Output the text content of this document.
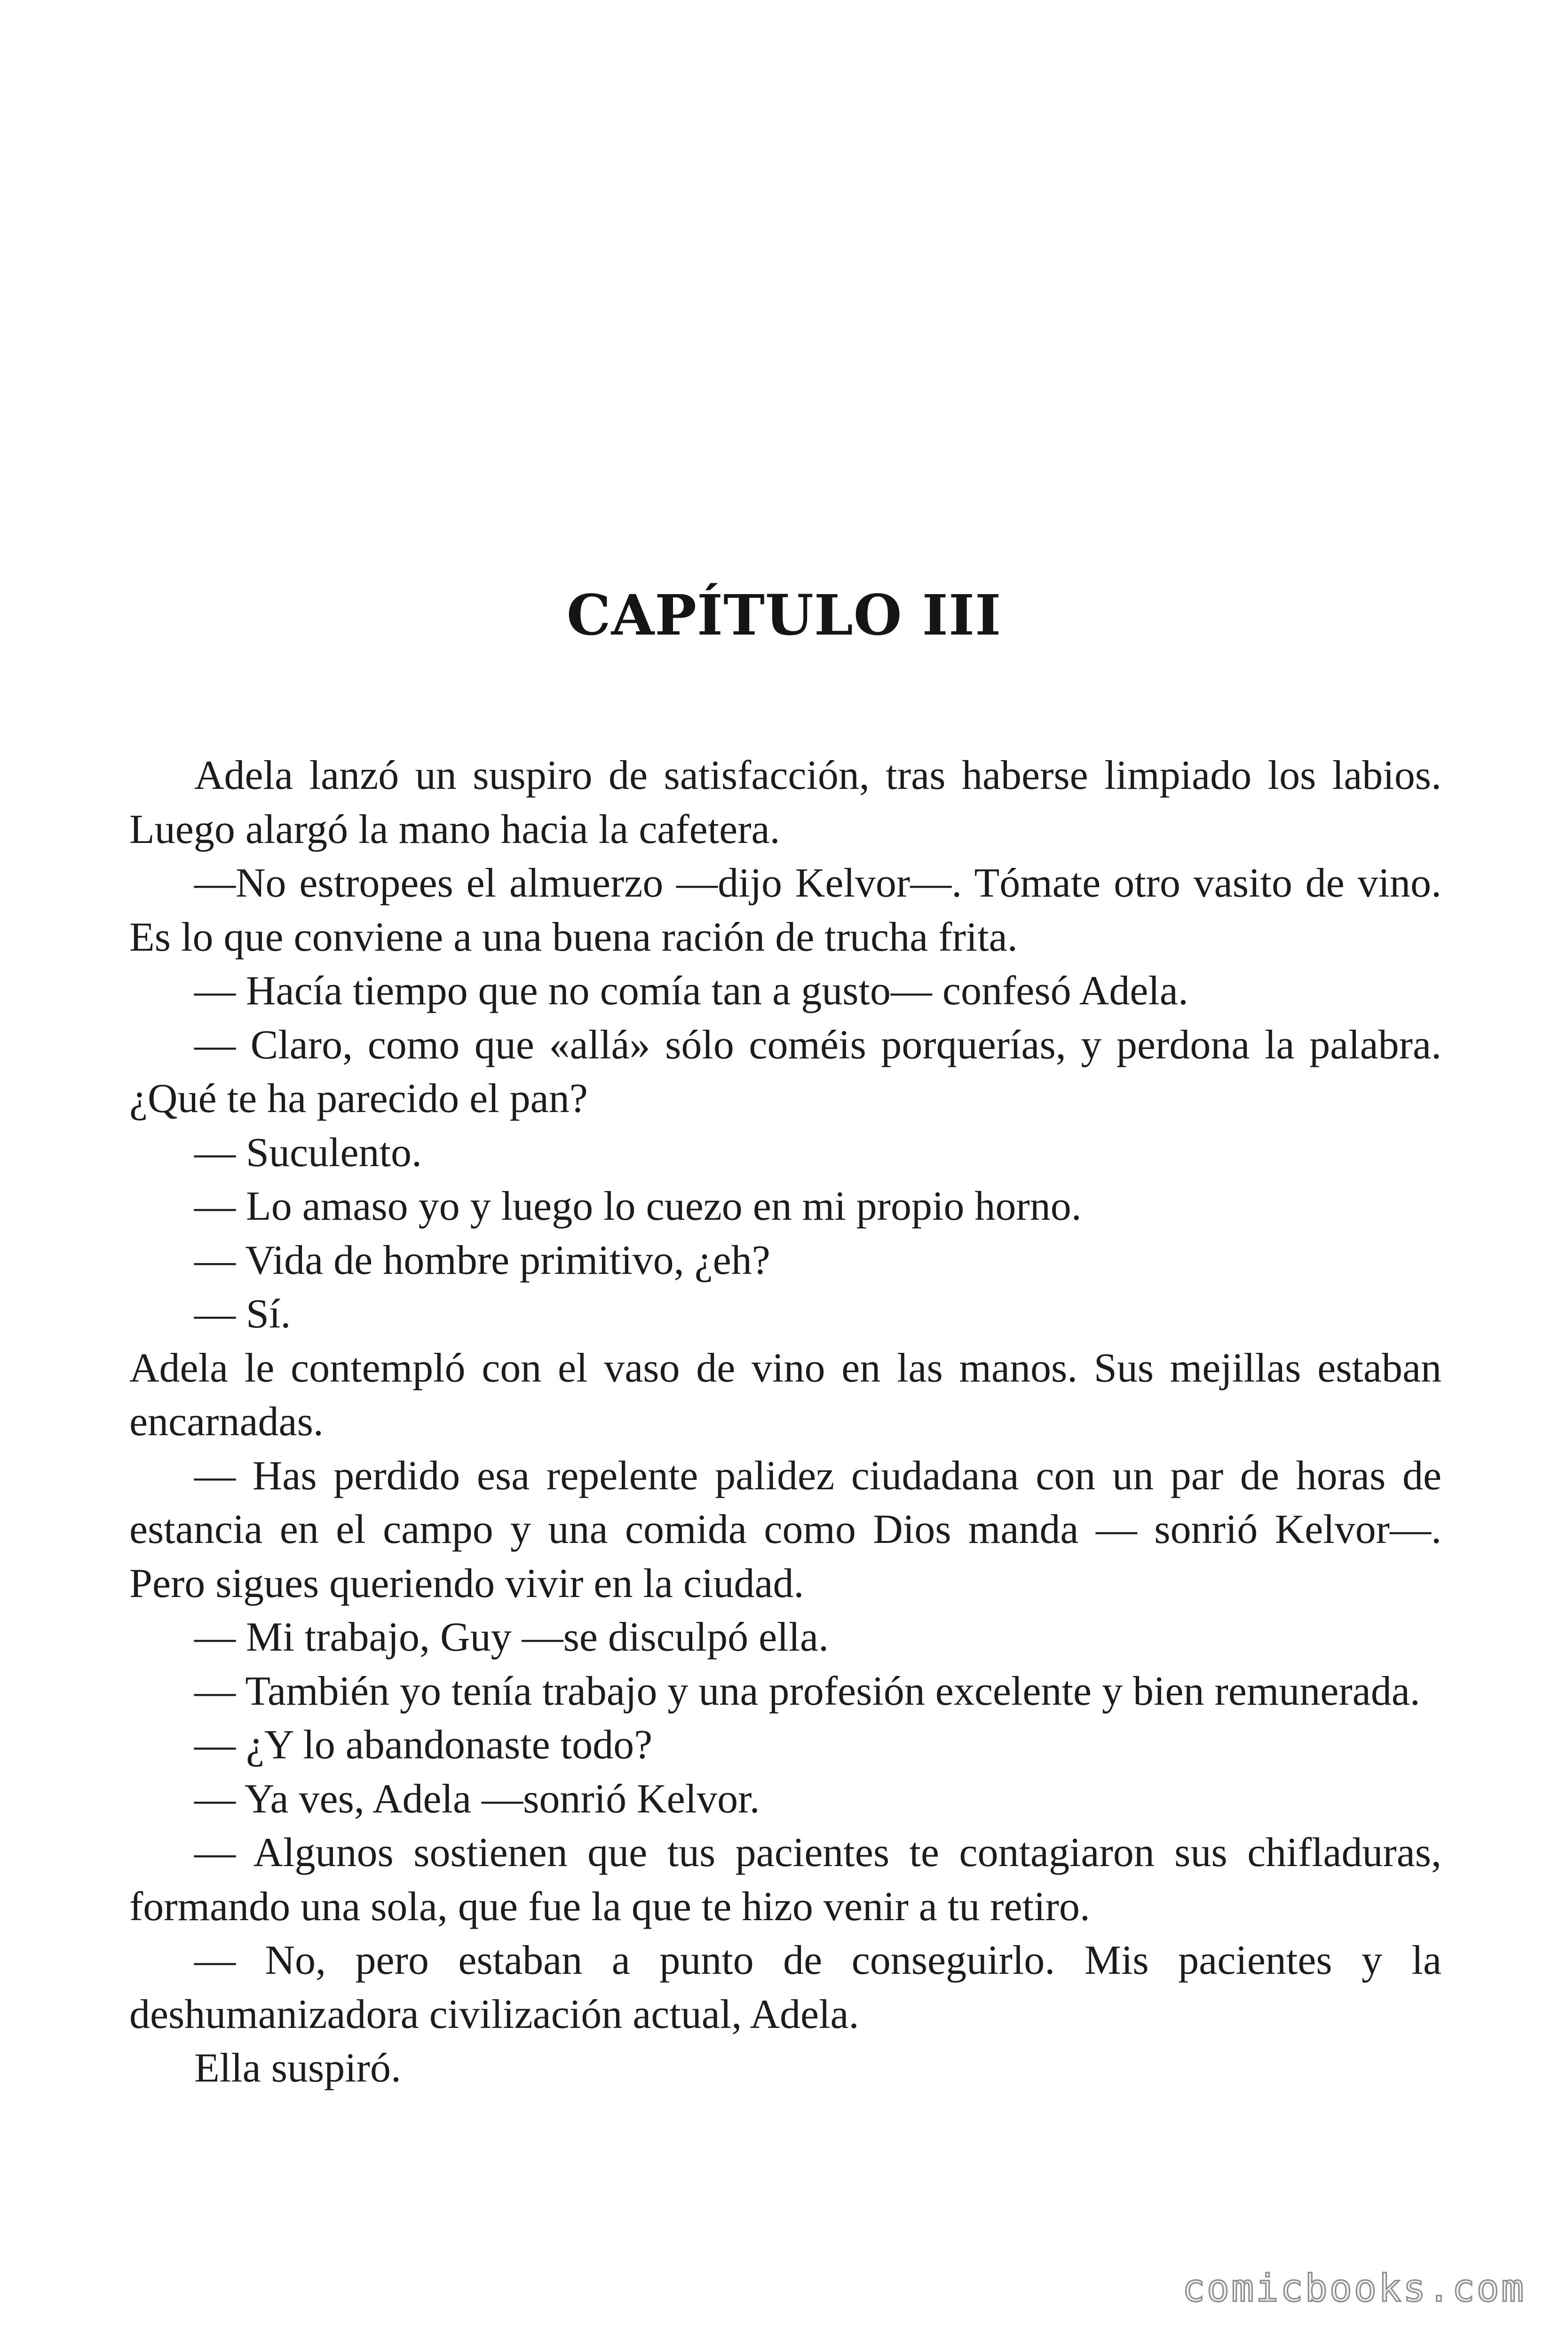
CAPÍTULO III

Adela lanzó un suspiro de satisfacción, tras haberse limpiado los labios. Luego alargó la mano hacia la cafetera.

—No estropees el almuerzo —dijo Kelvor—. Tómate otro vasito de vino. Es lo que conviene a una buena ración de trucha frita.

— Hacía tiempo que no comía tan a gusto— confesó Adela.

— Claro, como que «allá» sólo coméis porquerías, y perdona la palabra. ¿Qué te ha parecido el pan?

— Suculento.

— Lo amaso yo y luego lo cuezo en mi propio horno.

— Vida de hombre primitivo, ¿eh?

— Sí.

Adela le contempló con el vaso de vino en las manos. Sus mejillas estaban encarnadas.

— Has perdido esa repelente palidez ciudadana con un par de horas de estancia en el campo y una comida como Dios manda — sonrió Kelvor—. Pero sigues queriendo vivir en la ciudad.

— Mi trabajo, Guy —se disculpó ella.

— También yo tenía trabajo y una profesión excelente y bien remunerada.

— ¿Y lo abandonaste todo?

— Ya ves, Adela —sonrió Kelvor.

— Algunos sostienen que tus pacientes te contagiaron sus chifladuras, formando una sola, que fue la que te hizo venir a tu retiro.

— No, pero estaban a punto de conseguirlo. Mis pacientes y la deshumanizadora civilización actual, Adela.

Ella suspiró.

comicbooks.com
